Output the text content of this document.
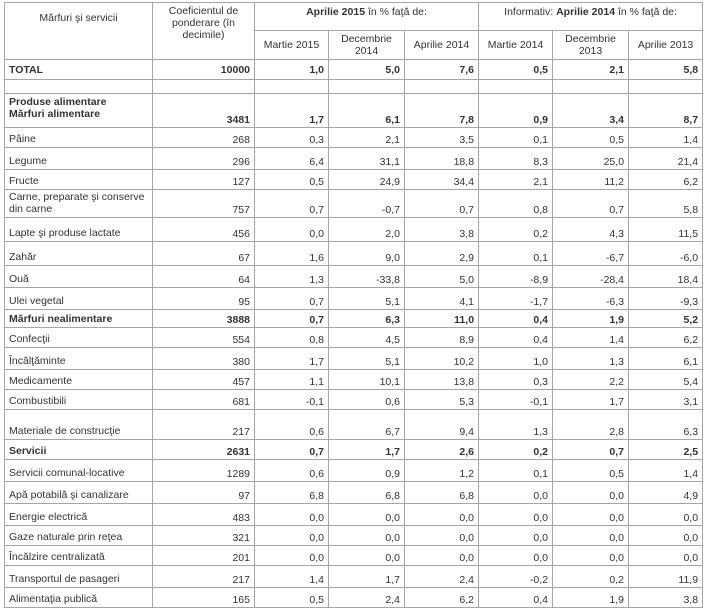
Mărfuri şi servicii	Coeficientul de ponderare (în decimile)	Aprilie 2015 în % faţă de:			Informativ: Aprilie 2014 în % faţă de:		
		Martie 2015	Decembrie 2014	Aprilie 2014	Martie 2014	Decembrie 2013	Aprilie 2013
TOTAL	10000	1,0	5,0	7,6	0,5	2,1	5,8

Produse alimentare
Mărfuri alimentare	3481	1,7	6,1	7,8	0,9	3,4	8,7
Pâine	268	0,3	2,1	3,5	0,1	0,5	1,4
Legume	296	6,4	31,1	18,8	8,3	25,0	21,4
Fructe	127	0,5	24,9	34,4	2,1	11,2	6,2
Carne, preparate şi conserve din carne	757	0,7	-0,7	0,7	0,8	0,7	5,8
Lapte şi produse lactate	456	0,0	2,0	3,8	0,2	4,3	11,5
Zahăr	67	1,6	9,0	2,9	0,1	-6,7	-6,0
Ouă	64	1,3	-33,8	5,0	-8,9	-28,4	18,4
Ulei vegetal	95	0,7	5,1	4,1	-1,7	-6,3	-9,3
Mărfuri nealimentare	3888	0,7	6,3	11,0	0,4	1,9	5,2
Confecţii	554	0,8	4,5	8,9	0,4	1,4	6,2
Încălţăminte	380	1,7	5,1	10,2	1,0	1,3	6,1
Medicamente	457	1,1	10,1	13,8	0,3	2,2	5,4
Combustibili	681	-0,1	0,6	5,3	-0,1	1,7	3,1
Materiale de construcţie	217	0,6	6,7	9,4	1,3	2,8	6,3
Servicii	2631	0,7	1,7	2,6	0,2	0,7	2,5
Servicii comunal-locative	1289	0,6	0,9	1,2	0,1	0,5	1,4
Apă potabilă şi canalizare	97	6,8	6,8	6,8	0,0	0,0	4,9
Energie electrică	483	0,0	0,0	0,0	0,0	0,0	0,0
Gaze naturale prin reţea	321	0,0	0,0	0,0	0,0	0,0	0,0
Încălzire centralizată	201	0,0	0,0	0,0	0,0	0,0	0,0
Transportul de pasageri	217	1,4	1,7	2,4	-0,2	0,2	11,9
Alimentaţia publică	165	0,5	2,4	6,2	0,4	1,9	3,8
